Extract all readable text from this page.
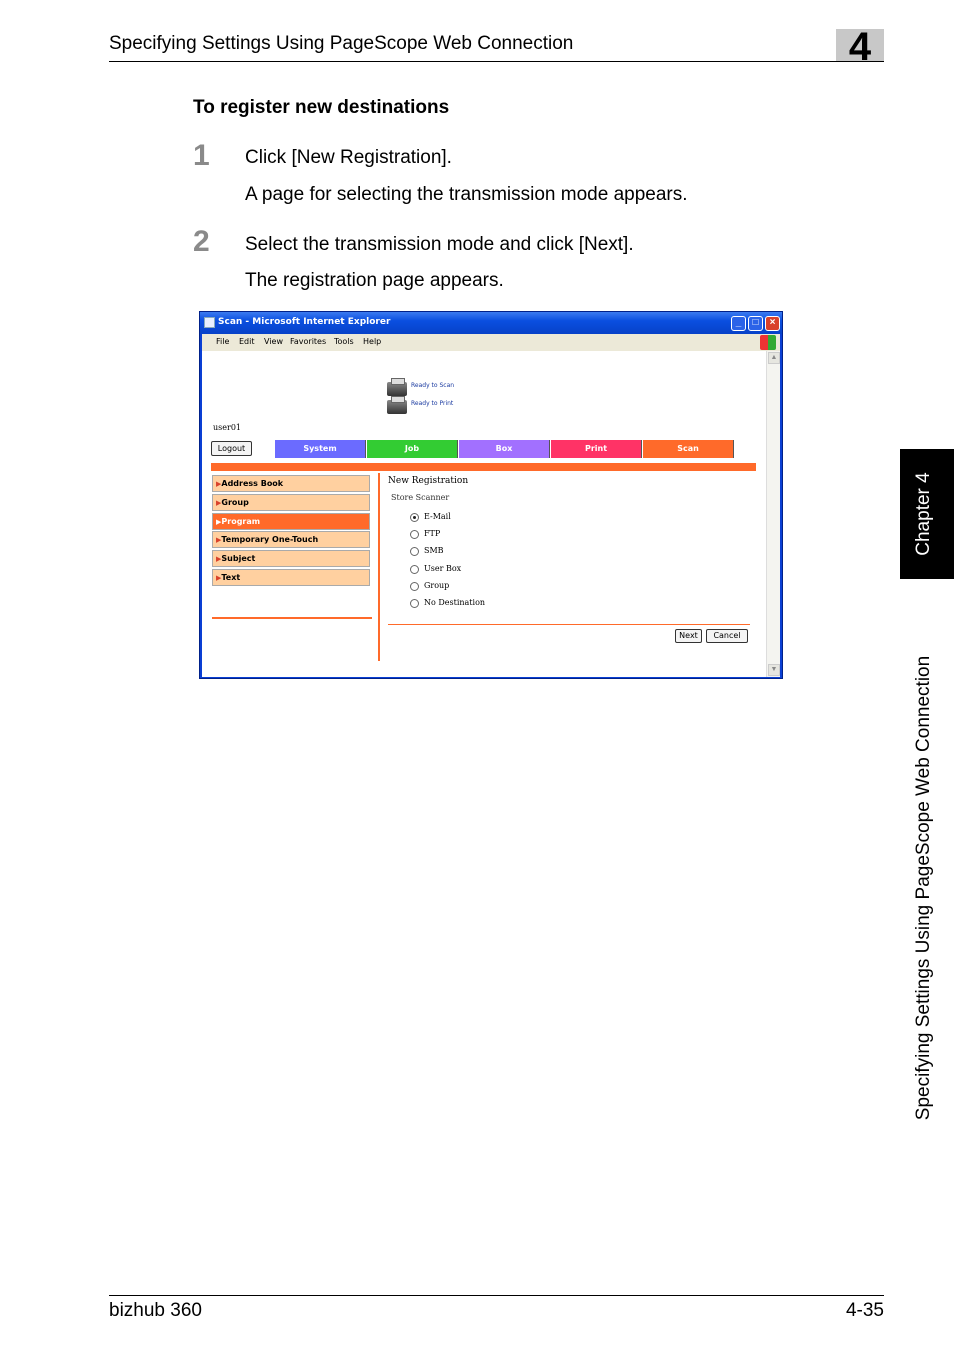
Specifying Settings Using PageScope Web Connection	4
To register new destinations
1 Click [New Registration].
A page for selecting the transmission mode appears.
2 Select the transmission mode and click [Next].
The registration page appears.
Scan - Microsoft Internet Explorer	_	□	×
File Edit View Favorites Tools Help
Ready to Scan
Ready to Print
user01
Logout	System	Job	Box	Print	Scan
▶Address Book
▶Group
▶Program
▶Temporary One-Touch
▶Subject
▶Text
New Registration
Store Scanner
E-Mail
FTP
SMB
User Box
Group
No Destination
Next	Cancel
▲
▼
Chapter 4
Specifying Settings Using PageScope Web Connection
bizhub 360	4-35
